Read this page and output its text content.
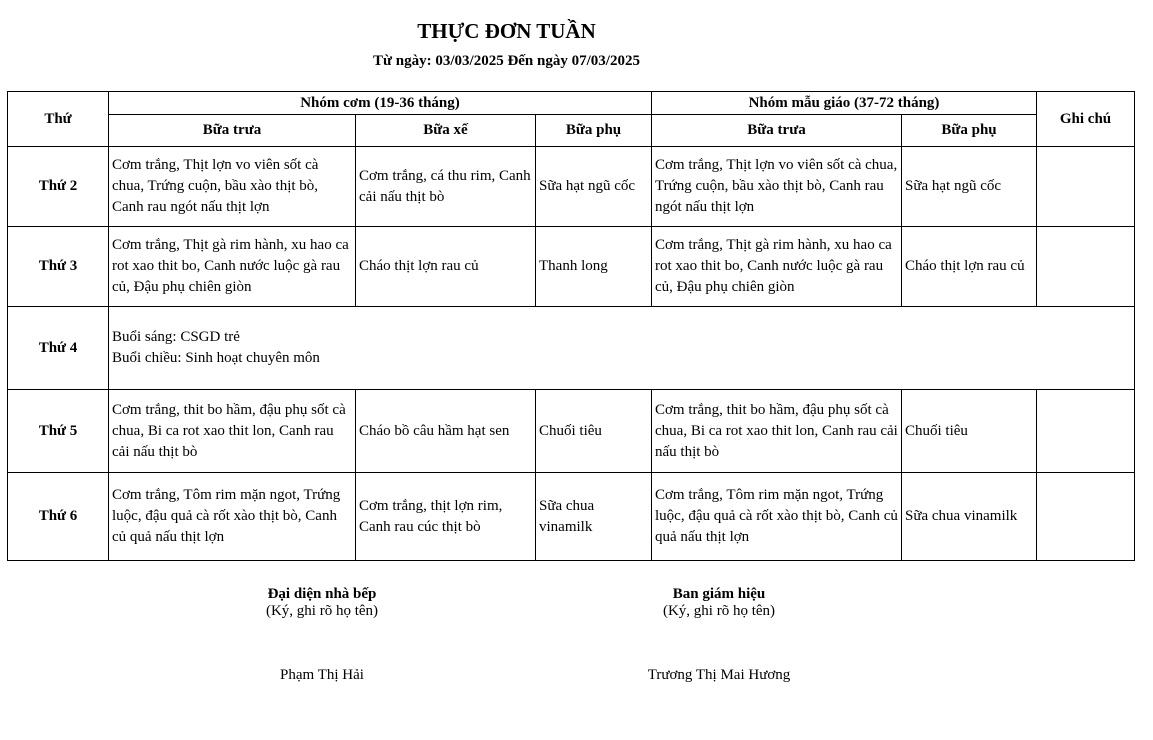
THỰC ĐƠN TUẦN
Từ ngày: 03/03/2025 Đến ngày 07/03/2025
Thứ	Nhóm cơm (19-36 tháng)			Nhóm mẫu giáo (37-72 tháng)		Ghi chú
	Bữa trưa	Bữa xế	Bữa phụ	Bữa trưa	Bữa phụ	
Thứ 2	Cơm trắng, Thịt lợn vo viên sốt cà chua, Trứng cuộn, bầu xào thịt bò, Canh rau ngót nấu thịt lợn	Cơm trắng, cá thu rim, Canh cải nấu thịt bò	Sữa hạt ngũ cốc	Cơm trắng, Thịt lợn vo viên sốt cà chua, Trứng cuộn, bầu xào thịt bò, Canh rau ngót nấu thịt lợn	Sữa hạt ngũ cốc	
Thứ 3	Cơm trắng, Thịt gà rim hành, xu hao ca rot xao thit bo, Canh nước luộc gà rau củ, Đậu phụ chiên giòn	Cháo thịt lợn rau củ	Thanh long	Cơm trắng, Thịt gà rim hành, xu hao ca rot xao thit bo, Canh nước luộc gà rau củ, Đậu phụ chiên giòn	Cháo thịt lợn rau củ	
Thứ 4	Buổi sáng: CSGD trẻ
Buổi chiều: Sinh hoạt chuyên môn					

Thứ 5	Cơm trắng, thit bo hầm, đậu phụ sốt cà chua, Bi ca rot xao thit lon, Canh rau cải nấu thịt bò	Cháo bồ câu hầm hạt sen	Chuối tiêu	Cơm trắng, thit bo hầm, đậu phụ sốt cà chua, Bi ca rot xao thit lon, Canh rau cải nấu thịt bò	Chuối tiêu	
Thứ 6	Cơm trắng, Tôm rim mặn ngot, Trứng luộc, đậu quả cà rốt xào thịt bò, Canh củ quả nấu thịt lợn	Cơm trắng, thịt lợn rim, Canh rau cúc thịt bò	Sữa chua vinamilk	Cơm trắng, Tôm rim mặn ngot, Trứng luộc, đậu quả cà rốt xào thịt bò, Canh củ quả nấu thịt lợn	Sữa chua vinamilk	
Đại diện nhà bếp
(Ký, ghi rõ họ tên)
Phạm Thị Hải
Ban giám hiệu
(Ký, ghi rõ họ tên)
Trương Thị Mai Hương
